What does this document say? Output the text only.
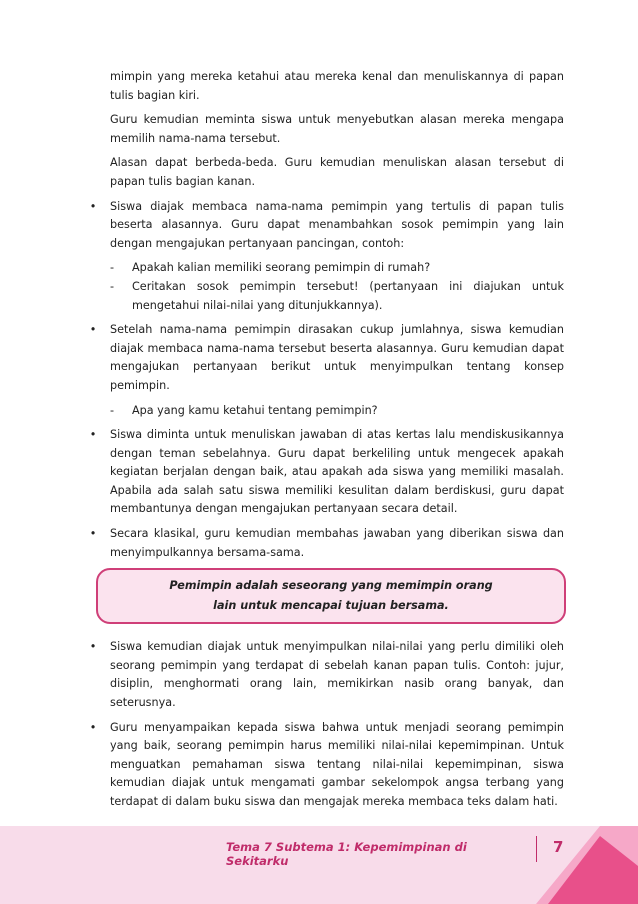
mimpin yang mereka ketahui atau mereka kenal dan menuliskannya di papan tulis bagian kiri.

Guru kemudian meminta siswa untuk menyebutkan alasan mereka mengapa memilih nama-nama tersebut.

Alasan dapat berbeda-beda. Guru kemudian menuliskan alasan tersebut di papan tulis bagian kanan.

• Siswa diajak membaca nama-nama pemimpin yang tertulis di papan tulis beserta alasannya. Guru dapat menambahkan sosok pemimpin yang lain dengan mengajukan pertanyaan pancingan, contoh:

- Apakah kalian memiliki seorang pemimpin di rumah?

- Ceritakan sosok pemimpin tersebut! (pertanyaan ini diajukan untuk mengetahui nilai-nilai yang ditunjukkannya).

• Setelah nama-nama pemimpin dirasakan cukup jumlahnya, siswa kemudian diajak membaca nama-nama tersebut beserta alasannya. Guru kemudian dapat mengajukan pertanyaan berikut untuk menyimpulkan tentang konsep pemimpin.

- Apa yang kamu ketahui tentang pemimpin?

• Siswa diminta untuk menuliskan jawaban di atas kertas lalu mendiskusikannya dengan teman sebelahnya. Guru dapat berkeliling untuk mengecek apakah kegiatan berjalan dengan baik, atau apakah ada siswa yang memiliki masalah. Apabila ada salah satu siswa memiliki kesulitan dalam berdiskusi, guru dapat membantunya dengan mengajukan pertanyaan secara detail.
• Secara klasikal, guru kemudian membahas jawaban yang diberikan siswa dan menyimpulkannya bersama-sama.
Pemimpin adalah seseorang yang memimpin orang
lain untuk mencapai tujuan bersama.
• Siswa kemudian diajak untuk menyimpulkan nilai-nilai yang perlu dimiliki oleh seorang pemimpin yang terdapat di sebelah kanan papan tulis. Contoh: jujur, disiplin, menghormati orang lain, memikirkan nasib orang banyak, dan seterusnya.
• Guru menyampaikan kepada siswa bahwa untuk menjadi seorang pemimpin yang baik, seorang pemimpin harus memiliki nilai-nilai kepemimpinan. Untuk menguatkan pemahaman siswa tentang nilai-nilai kepemimpinan, siswa kemudian diajak untuk mengamati gambar sekelompok angsa terbang yang terdapat di dalam buku siswa dan mengajak mereka membaca teks dalam hati.
Tema 7 Subtema 1: Kepemimpinan di Sekitarku
7
